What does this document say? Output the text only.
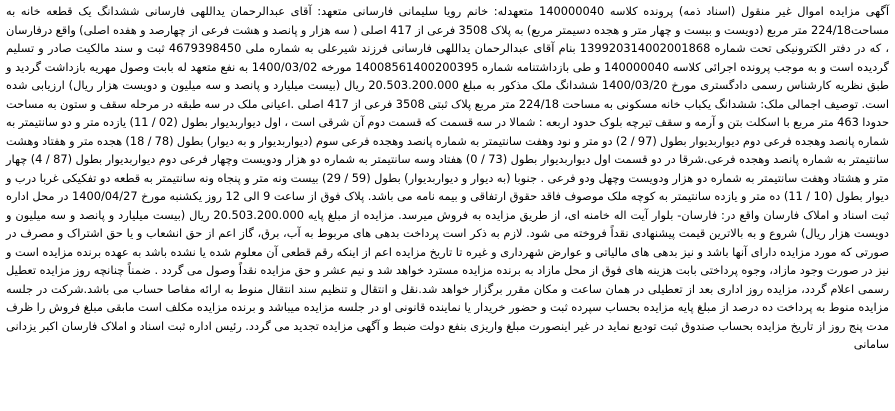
آگهی مزایده اموال غیر منقول (اسناد ذمه) پرونده کلاسه 140000040 متعهدله: خانم رویا سلیمانی فارسانی متعهد: آقای عبدالرحمان یداللهی فارسانی ششدانگ یک قطعه خانه به مساحت224/18 متر مربع (دویست و بیست و چهار متر و هجده دسیمتر مربع) به پلاک 3508 فرعی از 417 اصلی ( سه هزار و پانصد و هشت فرعی از چهارصد و هفده اصلی) واقع درفارسان ، که در دفتر الکترونیکی تحت شماره 139920314002001868 بنام آقای عبدالرحمان یداللهی فارسانی فرزند شیرعلی به شماره ملی 4679398450 ثبت و سند مالکیت صادر و تسلیم گردیده است و به موجب پرونده اجرائی کلاسه 140000040 و طی بازداشتنامه شماره 14008561400200395 مورخه 1400/03/02 به نفع متعهد له بابت وصول مهریه بازداشت گردید و طبق نظریه کارشناس رسمی دادگستری مورخ 1400/03/20 ششدانگ ملک مذکور به مبلغ 20.503.200.000 ریال (بیست میلیارد و پانصد و سه میلیون و دویست هزار ریال) ارزیابی شده است. توصیف اجمالی ملک: ششدانگ یکباب خانه مسکونی به مساحت 224/18 متر مربع پلاک ثبتی 3508 فرعی از 417 اصلی .اعیانی ملک در سه طبقه در مرحله سقف و ستون به مساحت حدودا 463 متر مربع با اسکلت بتن و آرمه و سقف تیرچه بلوک حدود اربعه : شمالا در سه قسمت که قسمت دوم آن شرقی است ، اول دیواربدیوار بطول (02 / 11) یازده متر و دو سانتیمتر به شماره پانصد وهجده فرعی دوم دیواربدیوار بطول (97 / 2) دو متر و نود وهفت سانتیمتر به شماره پانصد وهجده فرعی سوم (دیواربدیوار و به دیوار) بطول (78 / 18) هجده متر و هفتاد وهشت سانتیمتر به شماره پانصد وهجده فرعی.شرقا در دو قسمت اول دیواربدیوار بطول (73 / 0) هفتاد وسه سانتیمتر به شماره دو هزار ودویست وچهار فرعی دوم دیواربدیوار بطول (87 / 4) چهار متر و هشتاد وهفت سانتیمتر به شماره دو هزار ودویست وچهل ودو فرعی . جنوبا (به دیوار و دیواربدیوار) بطول (59 / 29) بیست ونه متر و پنجاه ونه سانتیمتر به قطعه دو تفکیکی غربا درب و دیوار بطول (10 / 11) ده متر و یازده سانتیمتر به کوچه ملک موصوف فاقد حقوق ارتفاقی و بیمه نامه می باشد. پلاک فوق از ساعت 9 الی 12 روز یکشنبه مورخ 1400/04/27 در محل اداره ثبت اسناد و املاک فارسان واقع در: فارسان- بلوار آیت اله خامنه ای، از طریق مزایده به فروش میرسد. مزایده از مبلغ پایه 20.503.200.000 ریال (بیست میلیارد و پانصد و سه میلیون و دویست هزار ریال) شروع و به بالاترین قیمت پیشنهادی نقداً فروخته می شود. لازم به ذکر است پرداخت بدهی های مربوط به آب، برق، گاز اعم از حق انشعاب و یا حق اشتراک و مصرف در صورتی که مورد مزایده دارای آنها باشد و نیز بدهی های مالیاتی و عوارض شهرداری و غیره تا تاریخ مزایده اعم از اینکه رقم قطعی آن معلوم شده یا نشده باشد به عهده برنده مزایده است و نیز در صورت وجود مازاد، وجوه پرداختی بابت هزینه های فوق از محل مازاد به برنده مزایده مسترد خواهد شد و نیم عشر و حق مزایده نقداً وصول می گردد . ضمناً چنانچه روز مزایده تعطیل رسمی اعلام گردد، مزایده روز اداری بعد از تعطیلی در همان ساعت و مکان مقرر برگزار خواهد شد.نقل و انتقال و تنظیم سند انتقال منوط به ارائه مفاصا حساب می باشد.شرکت در جلسه مزایده منوط به پرداخت ده درصد از مبلغ پایه مزایده بحساب سپرده ثبت و حضور خریدار یا نماینده قانونی او در جلسه مزایده میباشد و برنده مزایده مکلف است مابقی مبلغ فروش را ظرف مدت پنج روز از تاریخ مزایده بحساب صندوق ثبت تودیع نماید در غیر اینصورت مبلغ واریزی بنفع دولت ضبط و آگهی مزایده تجدید می گردد. رئیس اداره ثبت اسناد و املاک فارسان اکبر یزدانی سامانی
